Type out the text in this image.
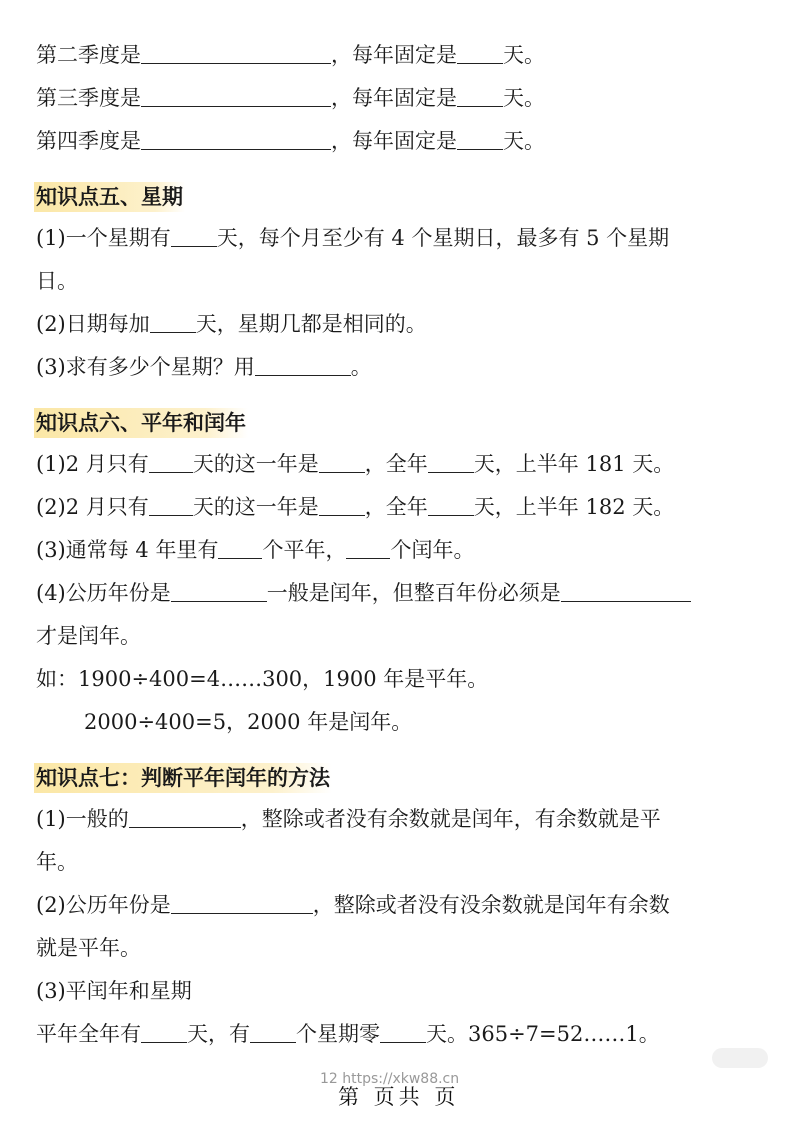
第二季度是	，每年固定是 天。
第三季度是	，每年固定是 天。
第四季度是	，每年固定是 天。
知识点五、星期
(1)一个星期有 天，每个月至少有 4 个星期日，最多有 5 个星期
日。
(2)日期每加 天，星期几都是相同的。
(3)求有多少个星期？用	。
知识点六、平年和闰年
(1)2 月只有 天的这一年是 ，全年 天，上半年 181 天。
(2)2 月只有 天的这一年是 ，全年 天，上半年 182 天。
(3)通常每 4 年里有 个平年， 个闰年。
(4)公历年份是	一般是闰年，但整百年份必须是
才是闰年。
如：1900÷400=4……300，1900 年是平年。
2000÷400=5，2000 年是闰年。
知识点七：判断平年闰年的方法
(1)一般的	，整除或者没有余数就是闰年，有余数就是平
年。
(2)公历年份是	，整除或者没有没余数就是闰年有余数
就是平年。
(3)平闰年和星期
平年全年有 天，有 个星期零 天。365÷7=52……1。
12 https://xkw88.cn
第 页共 页
